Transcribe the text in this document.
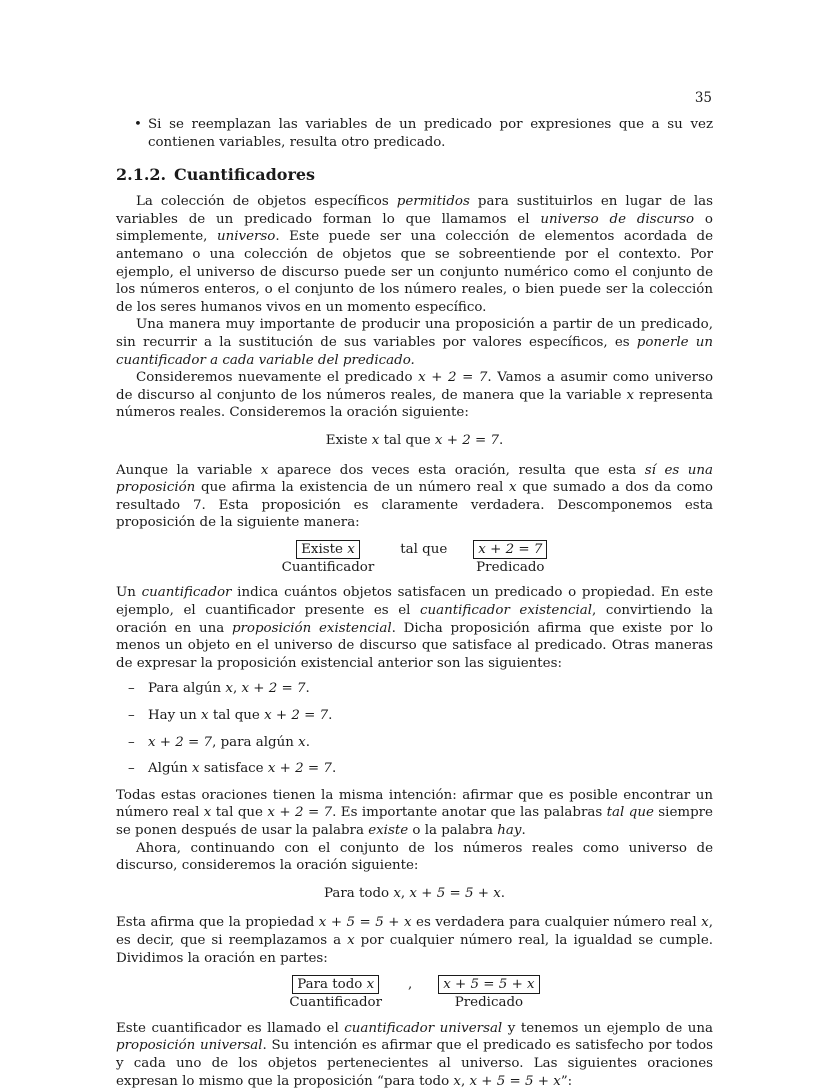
35
• Si se reemplazan las variables de un predicado por expresiones que a su vez contienen variables, resulta otro predicado.
2.1.2. Cuantificadores

La colección de objetos específicos permitidos para sustituirlos en lugar de las variables de un predicado forman lo que llamamos el universo de discurso o simplemente, universo. Este puede ser una colección de elementos acordada de antemano o una colección de objetos que se sobreentiende por el contexto. Por ejemplo, el universo de discurso puede ser un conjunto numérico como el conjunto de los números enteros, o el conjunto de los número reales, o bien puede ser la colección de los seres humanos vivos en un momento específico.

Una manera muy importante de producir una proposición a partir de un predicado, sin recurrir a la sustitución de sus variables por valores específicos, es ponerle un cuantificador a cada variable del predicado.

Consideremos nuevamente el predicado x + 2 = 7. Vamos a asumir como universo de discurso al conjunto de los números reales, de manera que la variable x representa números reales. Consideremos la oración siguiente:

Existe x tal que x + 2 = 7.

Aunque la variable x aparece dos veces esta oración, resulta que esta sí es una proposición que afirma la existencia de un número real x que sumado a dos da como resultado 7. Esta proposición es claramente verdadera. Descomponemos esta proposición de la siguiente manera:

Existe x
Cuantificador
tal que	x + 2 = 7
Predicado

Un cuantificador indica cuántos objetos satisfacen un predicado o propiedad. En este ejemplo, el cuantificador presente es el cuantificador existencial, convirtiendo la oración en una proposición existencial. Dicha proposición afirma que existe por lo menos un objeto en el universo de discurso que satisface al predicado. Otras maneras de expresar la proposición existencial anterior son las siguientes:

– Para algún x, x + 2 = 7.
– Hay un x tal que x + 2 = 7.
– x + 2 = 7, para algún x.
– Algún x satisface x + 2 = 7.

Todas estas oraciones tienen la misma intención: afirmar que es posible encontrar un número real x tal que x + 2 = 7. Es importante anotar que las palabras tal que siempre se ponen después de usar la palabra existe o la palabra hay.

Ahora, continuando con el conjunto de los números reales como universo de discurso, consideremos la oración siguiente:

Para todo x, x + 5 = 5 + x.

Esta afirma que la propiedad x + 5 = 5 + x es verdadera para cualquier número real x, es decir, que si reemplazamos a x por cualquier número real, la igualdad se cumple. Dividimos la oración en partes:

Para todo x
Cuantificador
,	x + 5 = 5 + x
Predicado

Este cuantificador es llamado el cuantificador universal y tenemos un ejemplo de una proposición universal. Su intención es afirmar que el predicado es satisfecho por todos y cada uno de los objetos pertenecientes al universo. Las siguientes oraciones expresan lo mismo que la proposición “para todo x, x + 5 = 5 + x”:
